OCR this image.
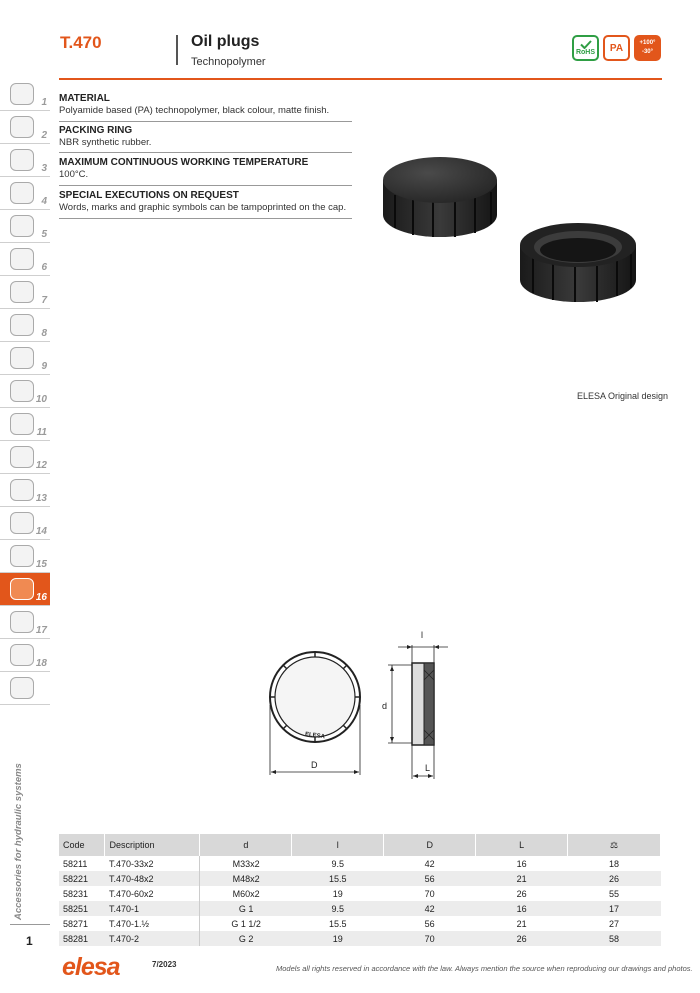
T.470	Oil plugs
Technopolymer
RoHS	PA	+100°
-30°
1
2
3
4
5
6
7
8
9
10
11
12
13
14
15
16
17
18
Accessories for hydraulic systems
1
MATERIAL
Polyamide based (PA) technopolymer, black colour, matte finish.
PACKING RING
NBR synthetic rubber.
MAXIMUM CONTINUOUS WORKING TEMPERATURE
100°C.
SPECIAL EXECUTIONS ON REQUEST
Words, marks and graphic symbols can be tampoprinted on the cap.
ELESA Original design
ELESA
D
l
d
L
Code	Description	d	l	D	L	⚖
58211	T.470-33x2	M33x2	9.5	42	16	18
58221	T.470-48x2	M48x2	15.5	56	21	26
58231	T.470-60x2	M60x2	19	70	26	55
58251	T.470-1	G 1	9.5	42	16	17
58271	T.470-1.½	G 1 1/2	15.5	56	21	27
58281	T.470-2	G 2	19	70	26	58
elesa	7/2023	Models all rights reserved in accordance with the law. Always mention the source when reproducing our drawings and photos.
